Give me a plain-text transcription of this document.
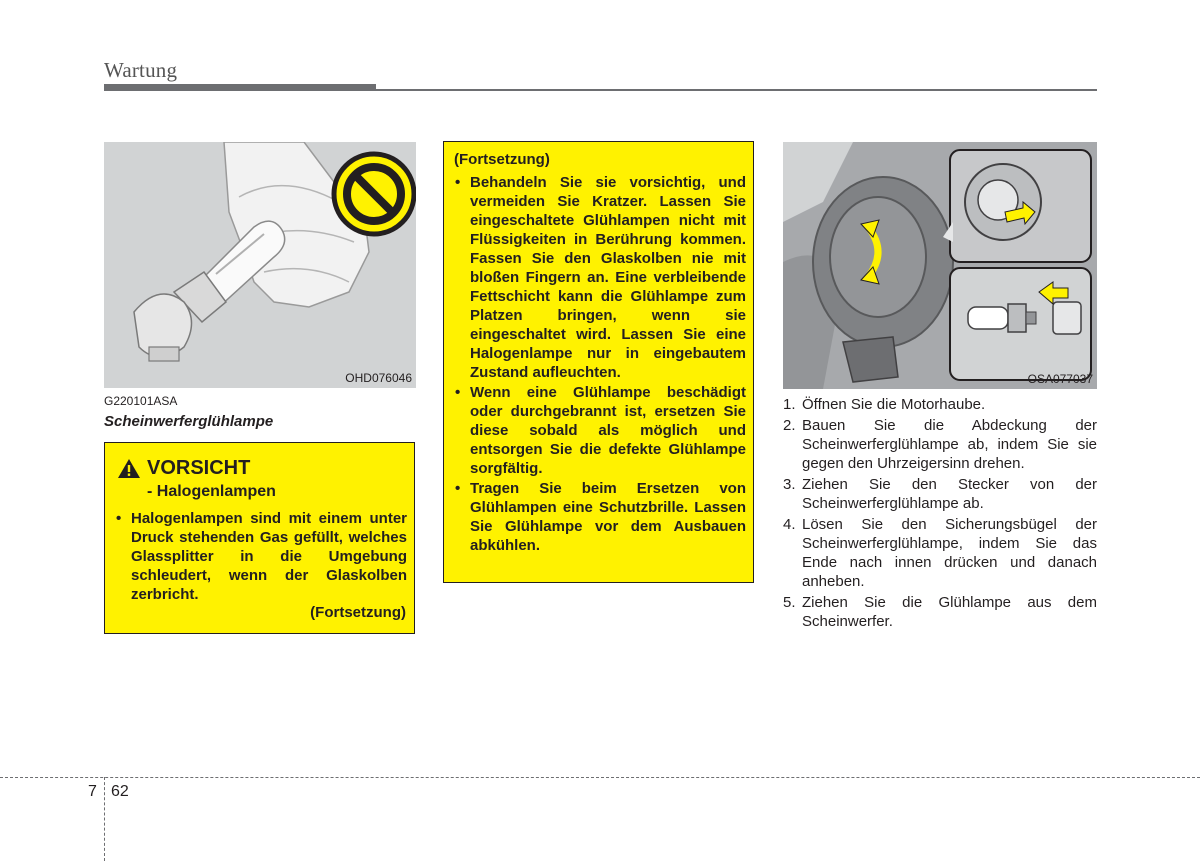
Wartung
OHD076046
G220101ASA
Scheinwerferglühlampe
VORSICHT
- Halogenlampen
• Halogenlampen sind mit einem unter Druck stehenden Gas gefüllt, welches Glassplitter in die Umgebung schleudert, wenn der Glaskolben zerbricht.
(Fortsetzung)
(Fortsetzung)
• Behandeln Sie sie vorsichtig, und vermeiden Sie Kratzer. Lassen Sie eingeschaltete Glühlampen nicht mit Flüssigkeiten in Berührung kommen. Fassen Sie den Glaskolben nie mit bloßen Fingern an. Eine verbleibende Fettschicht kann die Glühlampe zum Platzen bringen, wenn sie eingeschaltet wird. Lassen Sie eine Halogenlampe nur in eingebautem Zustand aufleuchten.
• Wenn eine Glühlampe beschädigt oder durchgebrannt ist, ersetzen Sie diese sobald als möglich und entsorgen Sie die defekte Glühlampe sorgfältig.
• Tragen Sie beim Ersetzen von Glühlampen eine Schutzbrille. Lassen Sie Glühlampe vor dem Ausbauen abkühlen.
OSA077037
1. Öffnen Sie die Motorhaube.
2. Bauen Sie die Abdeckung der Scheinwerferglühlampe ab, indem Sie sie gegen den Uhrzeigersinn drehen.
3. Ziehen Sie den Stecker von der Scheinwerferglühlampe ab.
4. Lösen Sie den Sicherungsbügel der Scheinwerferglühlampe, indem Sie das Ende nach innen drücken und danach anheben.
5. Ziehen Sie die Glühlampe aus dem Scheinwerfer.
7 62
